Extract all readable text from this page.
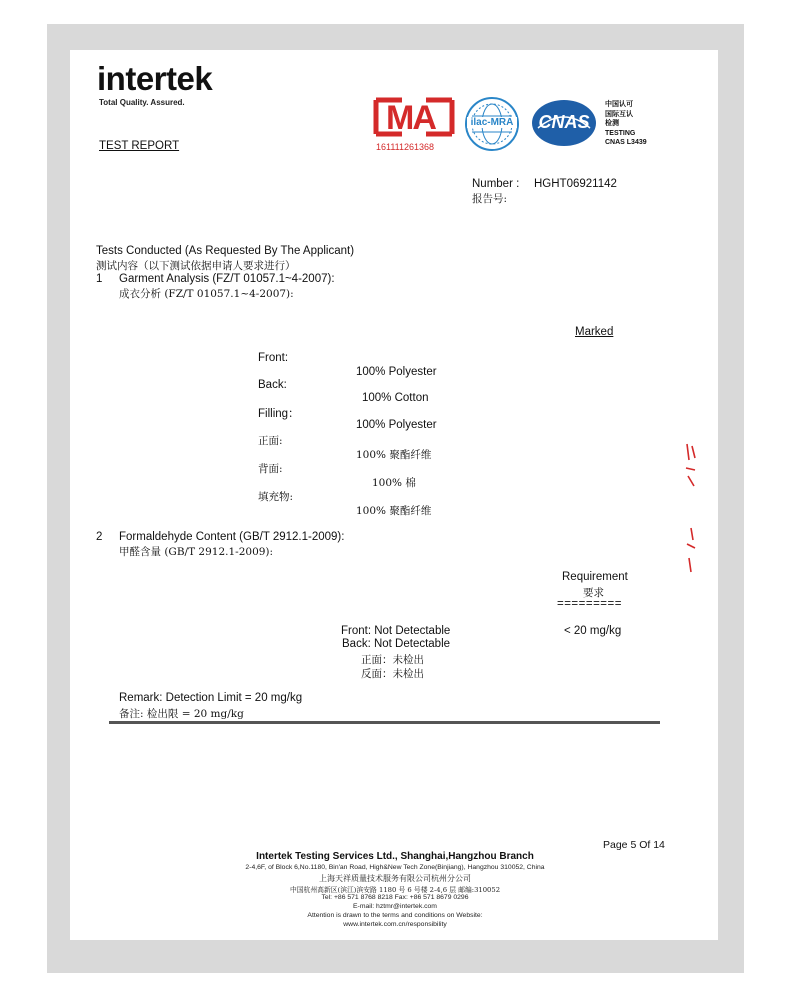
intertek
Total Quality. Assured.
TEST REPORT
MA
161111261368
ilac-MRA	CNAS
中国认可
国际互认
检测
TESTING
CNAS L3439
Number : HGHT06921142
报告号:
Tests Conducted (As Requested By The Applicant)
测试内容（以下测试依据申请人要求进行）
1 Garment Analysis (FZ/T 01057.1~4-2007):
成衣分析 (FZ/T 01057.1~4-2007):
Marked
Front:
100% Polyester
Back:
100% Cotton
Filling：
100% Polyester
正面:
100% 聚酯纤维
背面:
100% 棉
填充物:
100% 聚酯纤维
2 Formaldehyde Content (GB/T 2912.1-2009):
甲醛含量 (GB/T 2912.1-2009):
Requirement
要求
=========
Front: Not Detectable
Back: Not Detectable
正面：未检出
反面：未检出
< 20 mg/kg
Remark: Detection Limit = 20 mg/kg
备注: 检出限 = 20 mg/kg
Page 5 Of 14
Intertek Testing Services Ltd., Shanghai,Hangzhou Branch
2-4,6F, of Block 6,No.1180, Bin'an Road, High&New Tech Zone(Binjiang), Hangzhou 310052, China
上海天祥质量技术服务有限公司杭州分公司
中国杭州高新区(滨江)滨安路 1180 号 6 号楼 2-4,6 层 邮编:310052
Tel: +86 571 8768 8218 Fax: +86 571 8679 0296
E-mail: hztmr@intertek.com
Attention is drawn to the terms and conditions on Website:
www.intertek.com.cn/responsibility
